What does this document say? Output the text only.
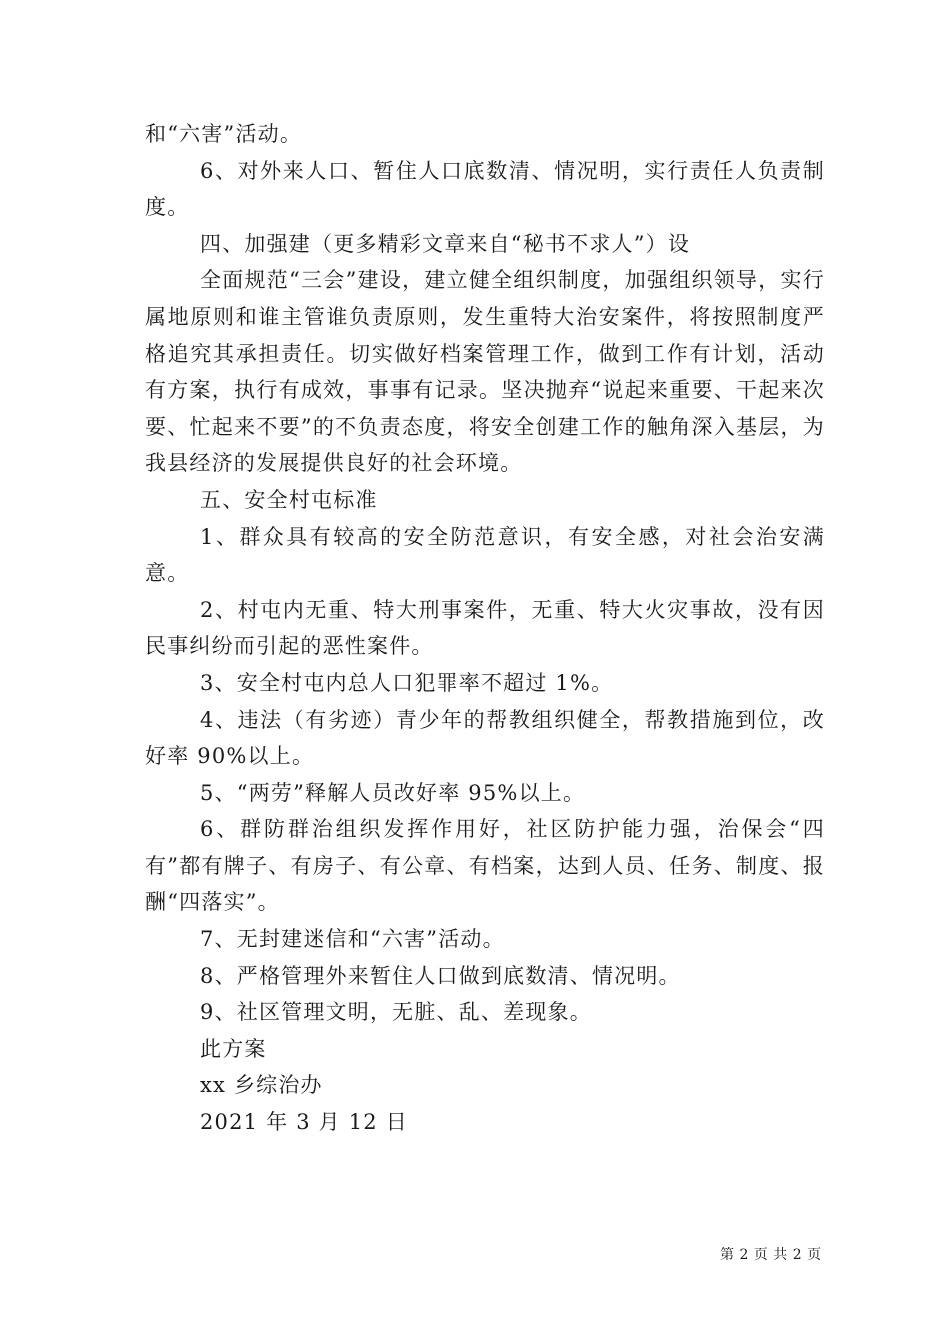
和“六害”活动。

6、对外来人口、暂住人口底数清、情况明，实行责任人负责制度。

四、加强建（更多精彩文章来自“秘书不求人”）设

全面规范“三会”建设，建立健全组织制度，加强组织领导，实行属地原则和谁主管谁负责原则，发生重特大治安案件，将按照制度严格追究其承担责任。切实做好档案管理工作，做到工作有计划，活动有方案，执行有成效，事事有记录。坚决抛弃“说起来重要、干起来次要、忙起来不要”的不负责态度，将安全创建工作的触角深入基层，为我县经济的发展提供良好的社会环境。

五、安全村屯标准

1、群众具有较高的安全防范意识，有安全感，对社会治安满意。

2、村屯内无重、特大刑事案件，无重、特大火灾事故，没有因民事纠纷而引起的恶性案件。

3、安全村屯内总人口犯罪率不超过 1%。

4、违法（有劣迹）青少年的帮教组织健全，帮教措施到位，改好率 90%以上。

5、“两劳”释解人员改好率 95%以上。

6、群防群治组织发挥作用好，社区防护能力强，治保会“四有”都有牌子、有房子、有公章、有档案，达到人员、任务、制度、报酬“四落实”。

7、无封建迷信和“六害”活动。

8、严格管理外来暂住人口做到底数清、情况明。

9、社区管理文明，无脏、乱、差现象。

此方案

xx 乡综治办

2021 年 3 月 12 日

第 2 页 共 2 页
